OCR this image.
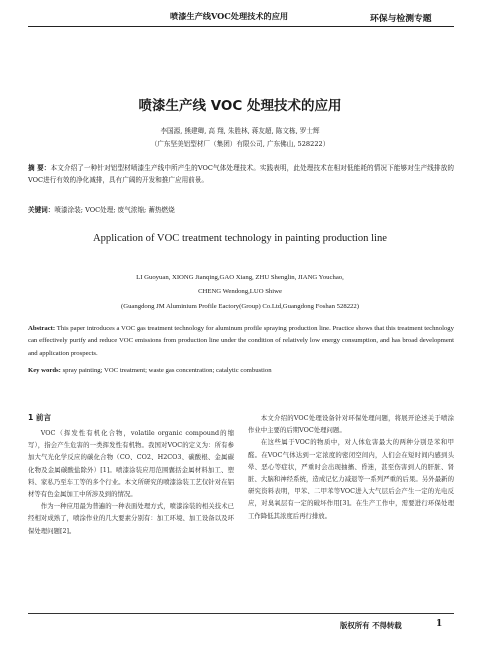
喷漆生产线VOC处理技术的应用	环保与检测专题
喷漆生产线 VOC 处理技术的应用
李国源, 熊建卿, 高 翔, 朱胜林, 蒋友超, 陈文栋, 罗士辉
（广东坚美铝型材厂（集团）有限公司, 广东佛山, 528222）
摘 要：本文介绍了一种针对铝型材喷漆生产线中所产生的VOC气体处理技术。实践表明，此处理技术在相对低能耗的情况下能够对生产线排放的VOC进行有效的净化减排，具有广阔的开发和推广应用前景。
关键词：喷漆涂装; VOC处理; 废气浓缩; 蓄热燃烧
Application of VOC treatment technology in painting production line
LI Guoyuan, XIONG Jianqing,GAO Xiang, ZHU Shenglin, JIANG Youchao,
CHENG Wendong,LUO Shiwe
(Guangdong JM Aluminium Profile Eactory(Group) Co.Ltd,Guangdong Foshan 528222)
Abstract: This paper introduces a VOC gas treatment technology for aluminum profile spraying production line. Practice shows that this treatment technology can effectively purify and reduce VOC emissions from production line under the condition of relatively low energy consumption, and has broad development and application prospects.
Key words: spray painting; VOC treatment; waste gas concentration; catalytic combustion
1 前言

VOC（挥发性有机化合物，volatile organic compound的缩写），指会产生危害的一类挥发性有机物。我国对VOC的定义为：所有参加大气光化学反应的碳化合物（CO、CO2、H2CO3、碳酸根、金属碳化物及金属碳酸盐除外）[1]。喷漆涂装应用范围囊括金属材料加工、塑料、家私乃至车工等的多个行业。本文所研究的喷漆涂装工艺仅针对在铝材等有色金属加工中所涉及到的情况。

作为一种应用最为普遍的一种表面处理方式，喷漆涂装的相关技术已经相对成熟了，喷涂作业的几大要素分别有：加工环境、加工设备以及环保处理问题[2]。

本文介绍的VOC处理设备针对环保处理问题，将展开论述关于喷涂作业中主要的后期VOC处理问题。

在这些属于VOC的物质中，对人体危害最大的两种分别是苯和甲醛。在VOC气体达到一定浓度的密闭空间内，人们会在短时间内感到头晕、恶心等症状，严重时会出现抽搐、昏迷，甚至伤害到人的肝脏、肾脏、大脑和神经系统，造成记忆力减退等一系列严重的后果。另外最新的研究资料表明，甲苯、二甲苯等VOC进入大气层后会产生一定的光电反应，对臭氧层有一定的破坏作用[3]。在生产工作中，需要进行环保处理工作降低其浓度后再行排放。

版权所有 不得转载	1
